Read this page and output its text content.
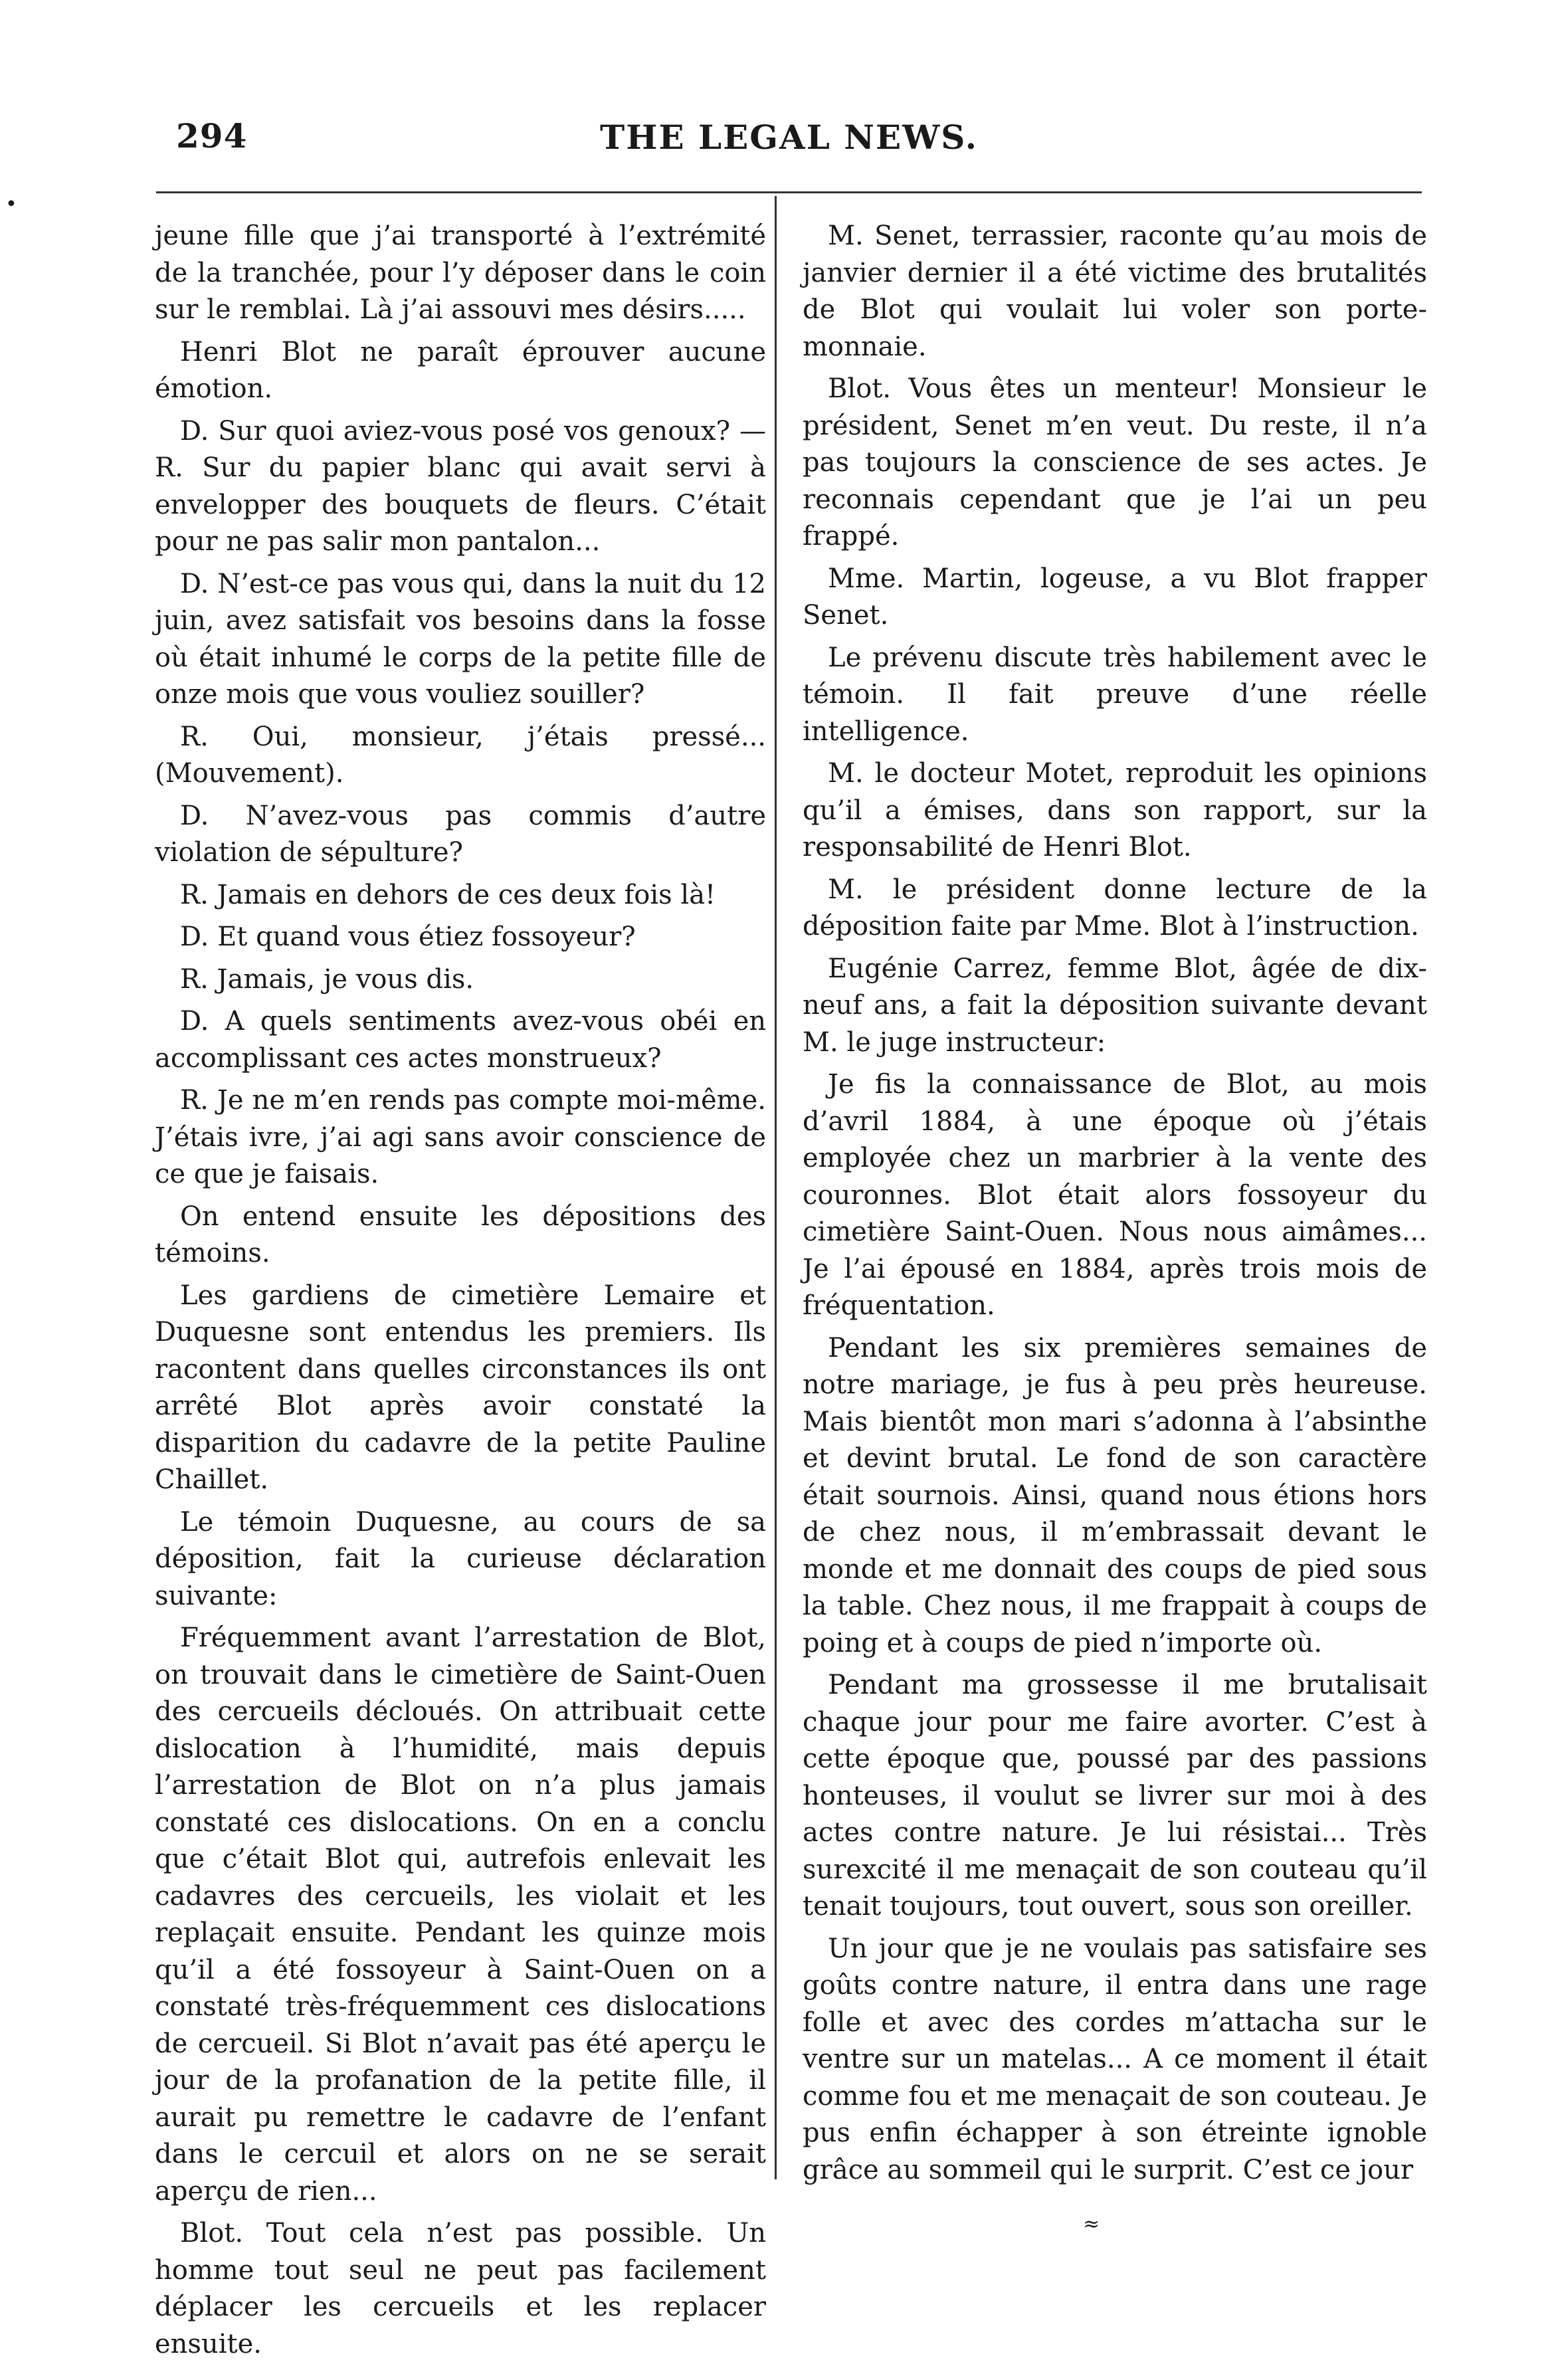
•
294	THE LEGAL NEWS.

jeune fille que j’ai transporté à l’extrémité de la tranchée, pour l’y déposer dans le coin sur le remblai. Là j’ai assouvi mes désirs.....

Henri Blot ne paraît éprouver aucune émotion.

D. Sur quoi aviez-vous posé vos genoux? —R. Sur du papier blanc qui avait servi à envelopper des bouquets de fleurs. C’était pour ne pas salir mon pantalon...

D. N’est-ce pas vous qui, dans la nuit du 12 juin, avez satisfait vos besoins dans la fosse où était inhumé le corps de la petite fille de onze mois que vous vouliez souiller?

R. Oui, monsieur, j’étais pressé... (Mouvement).

D. N’avez-vous pas commis d’autre violation de sépulture?

R. Jamais en dehors de ces deux fois là!

D. Et quand vous étiez fossoyeur?

R. Jamais, je vous dis.

D. A quels sentiments avez-vous obéi en accomplissant ces actes monstrueux?

R. Je ne m’en rends pas compte moi-même. J’étais ivre, j’ai agi sans avoir conscience de ce que je faisais.

On entend ensuite les dépositions des témoins.

Les gardiens de cimetière Lemaire et Duquesne sont entendus les premiers. Ils racontent dans quelles circonstances ils ont arrêté Blot après avoir constaté la disparition du cadavre de la petite Pauline Chaillet.

Le témoin Duquesne, au cours de sa déposition, fait la curieuse déclaration suivante:

Fréquemment avant l’arrestation de Blot, on trouvait dans le cimetière de Saint-Ouen des cercueils décloués. On attribuait cette dislocation à l’humidité, mais depuis l’arrestation de Blot on n’a plus jamais constaté ces dislocations. On en a conclu que c’était Blot qui, autrefois enlevait les cadavres des cercueils, les violait et les replaçait ensuite. Pendant les quinze mois qu’il a été fossoyeur à Saint-Ouen on a constaté très-fréquemment ces dislocations de cercueil. Si Blot n’avait pas été aperçu le jour de la profanation de la petite fille, il aurait pu remettre le cadavre de l’enfant dans le cercuil et alors on ne se serait aperçu de rien...

Blot. Tout cela n’est pas possible. Un homme tout seul ne peut pas facilement déplacer les cercueils et les replacer ensuite.

M. Senet, terrassier, raconte qu’au mois de janvier dernier il a été victime des brutalités de Blot qui voulait lui voler son porte-monnaie.

Blot. Vous êtes un menteur! Monsieur le président, Senet m’en veut. Du reste, il n’a pas toujours la conscience de ses actes. Je reconnais cependant que je l’ai un peu frappé.

Mme. Martin, logeuse, a vu Blot frapper Senet.

Le prévenu discute très habilement avec le témoin. Il fait preuve d’une réelle intelligence.

M. le docteur Motet, reproduit les opinions qu’il a émises, dans son rapport, sur la responsabilité de Henri Blot.

M. le président donne lecture de la déposition faite par Mme. Blot à l’instruction.

Eugénie Carrez, femme Blot, âgée de dix-neuf ans, a fait la déposition suivante devant M. le juge instructeur:

Je fis la connaissance de Blot, au mois d’avril 1884, à une époque où j’étais employée chez un marbrier à la vente des couronnes. Blot était alors fossoyeur du cimetière Saint-Ouen. Nous nous aimâmes... Je l’ai épousé en 1884, après trois mois de fréquentation.

Pendant les six premières semaines de notre mariage, je fus à peu près heureuse. Mais bientôt mon mari s’adonna à l’absinthe et devint brutal. Le fond de son caractère était sournois. Ainsi, quand nous étions hors de chez nous, il m’embrassait devant le monde et me donnait des coups de pied sous la table. Chez nous, il me frappait à coups de poing et à coups de pied n’importe où.

Pendant ma grossesse il me brutalisait chaque jour pour me faire avorter. C’est à cette époque que, poussé par des passions honteuses, il voulut se livrer sur moi à des actes contre nature. Je lui résistai... Très surexcité il me menaçait de son couteau qu’il tenait toujours, tout ouvert, sous son oreiller.

Un jour que je ne voulais pas satisfaire ses goûts contre nature, il entra dans une rage folle et avec des cordes m’attacha sur le ventre sur un matelas... A ce moment il était comme fou et me menaçait de son couteau. Je pus enfin échapper à son étreinte ignoble grâce au sommeil qui le surprit. C’est ce jour

≈
